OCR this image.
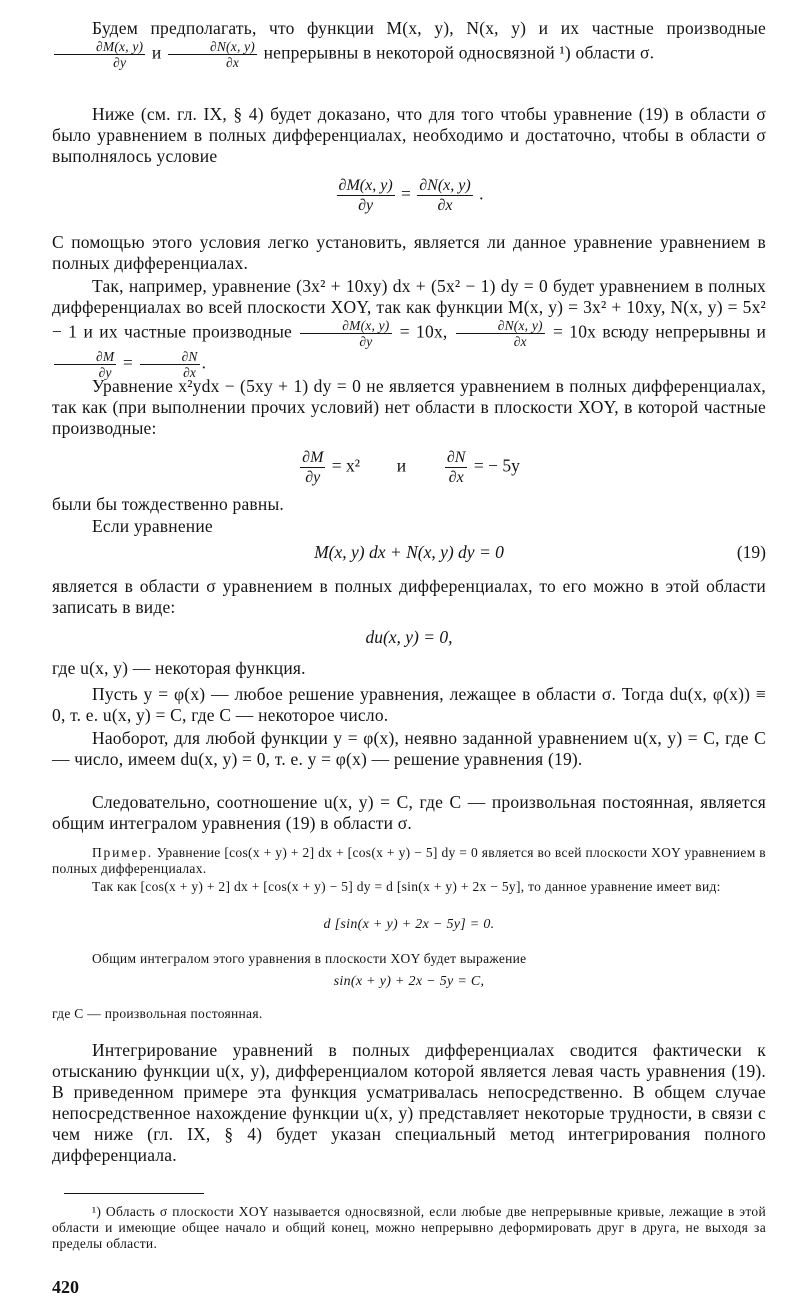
Будем предполагать, что функции M(x, y), N(x, y) и их частные производные
$\frac{\partial M(x, y)}{\partial y}$ и $\frac{\partial N(x, y)}{\partial x}$ непрерывны в некоторой односвязной ¹) области σ.
Ниже (см. гл. IX, § 4) будет доказано, что для того чтобы уравнение (19) в области σ было уравнением в полных дифференциалах, необходимо и достаточно, чтобы в области σ выполнялось условие
$\frac{\partial M(x, y)}{\partial y} = \frac{\partial N(x, y)}{\partial x}$ .
С помощью этого условия легко установить, является ли данное уравнение уравнением в полных дифференциалах.
Так, например, уравнение (3x² + 10xy) dx + (5x² − 1) dy = 0 будет уравнением в полных дифференциалах во всей плоскости XOY, так как функции M(x, y) = 3x² + 10xy, N(x, y) = 5x² − 1 и их частные производные $\frac{\partial M(x, y)}{\partial y} = 10x$, $\frac{\partial N(x, y)}{\partial x} = 10x$ всюду непрерывны и
$\frac{\partial M}{\partial y} = \frac{\partial N}{\partial x}$ .
Уравнение x²ydx − (5xy + 1) dy = 0 не является уравнением в полных дифференциалах, так как (при выполнении прочих условий) нет области в плоскости XOY, в которой частные производные:
$\frac{\partial M}{\partial y} = x^2$ и $\frac{\partial N}{\partial x}$ = − 5y
были бы тождественно равны.
Если уравнение
M(x, y) dx + N(x, y) dy = 0	(19)
является в области σ уравнением в полных дифференциалах, то его можно в этой области записать в виде:
du(x, y) = 0,
где u(x, y) — некоторая функция.
Пусть y = φ(x) — любое решение уравнения, лежащее в области σ. Тогда du(x, φ(x)) ≡ 0, т. е. u(x, y) = C, где C — некоторое число.
Наоборот, для любой функции y = φ(x), неявно заданной уравнением u(x, y) = C, где C — число, имеем du(x, y) = 0, т. е. y = φ(x) — решение уравнения (19).
Следовательно, соотношение u(x, y) = C, где C — произвольная постоянная, является общим интегралом уравнения (19) в области σ.
Пример. Уравнение [cos(x + y) + 2] dx + [cos(x + y) − 5] dy = 0 является во всей плоскости XOY уравнением в полных дифференциалах.
Так как [cos(x + y) + 2] dx + [cos(x + y) − 5] dy = d [sin(x + y) + 2x − 5y], то данное уравнение имеет вид:
d [sin(x + y) + 2x − 5y] = 0.
Общим интегралом этого уравнения в плоскости XOY будет выражение
sin(x + y) + 2x − 5y = C,
где C — произвольная постоянная.
Интегрирование уравнений в полных дифференциалах сводится фактически к отысканию функции u(x, y), дифференциалом которой является левая часть уравнения (19). В приведенном примере эта функция усматривалась непосредственно. В общем случае непосредственное нахождение функции u(x, y) представляет некоторые трудности, в связи с чем ниже (гл. IX, § 4) будет указан специальный метод интегрирования полного дифференциала.
¹) Область σ плоскости XOY называется односвязной, если любые две непрерывные кривые, лежащие в этой области и имеющие общее начало и общий конец, можно непрерывно деформировать друг в друга, не выходя за пределы области.
420
